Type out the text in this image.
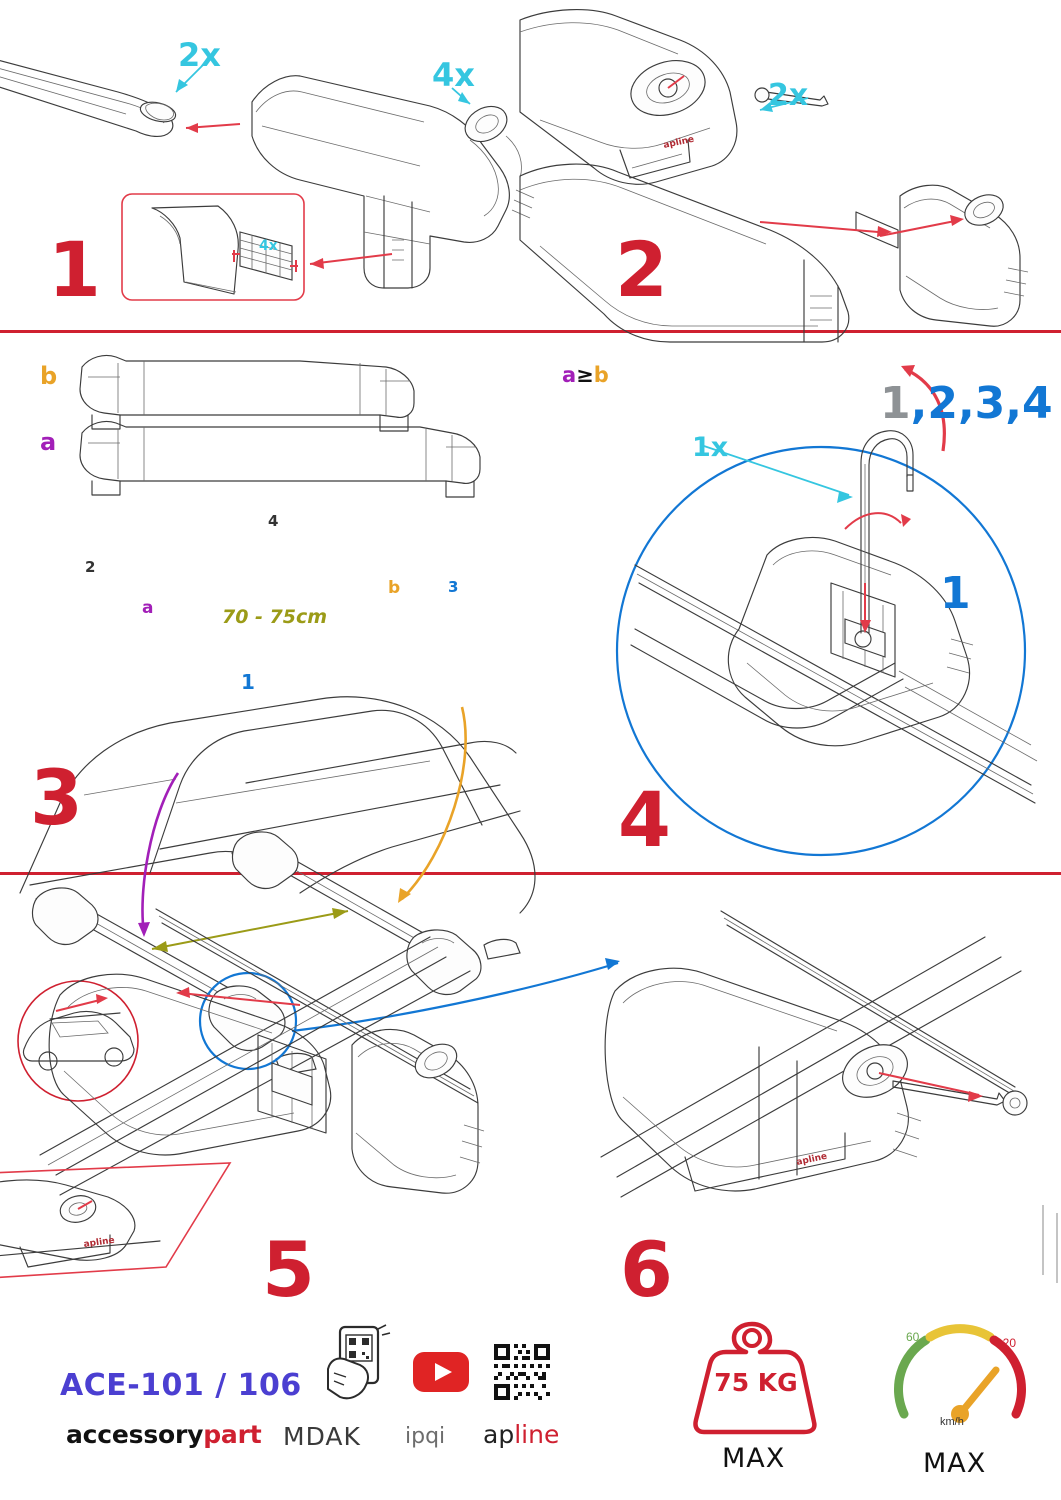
2x
4x
4x
1
apline
2x
2
b
a
a≥b
a
b
70 - 75cm
2
4
3
1
3
1x
1,2,3,4
1
4
apline 5
apline
6
ACE-101 / 106
accessorypart MDAK ipqi apline
75 KG
MAX
60	120
km/h
MAX
